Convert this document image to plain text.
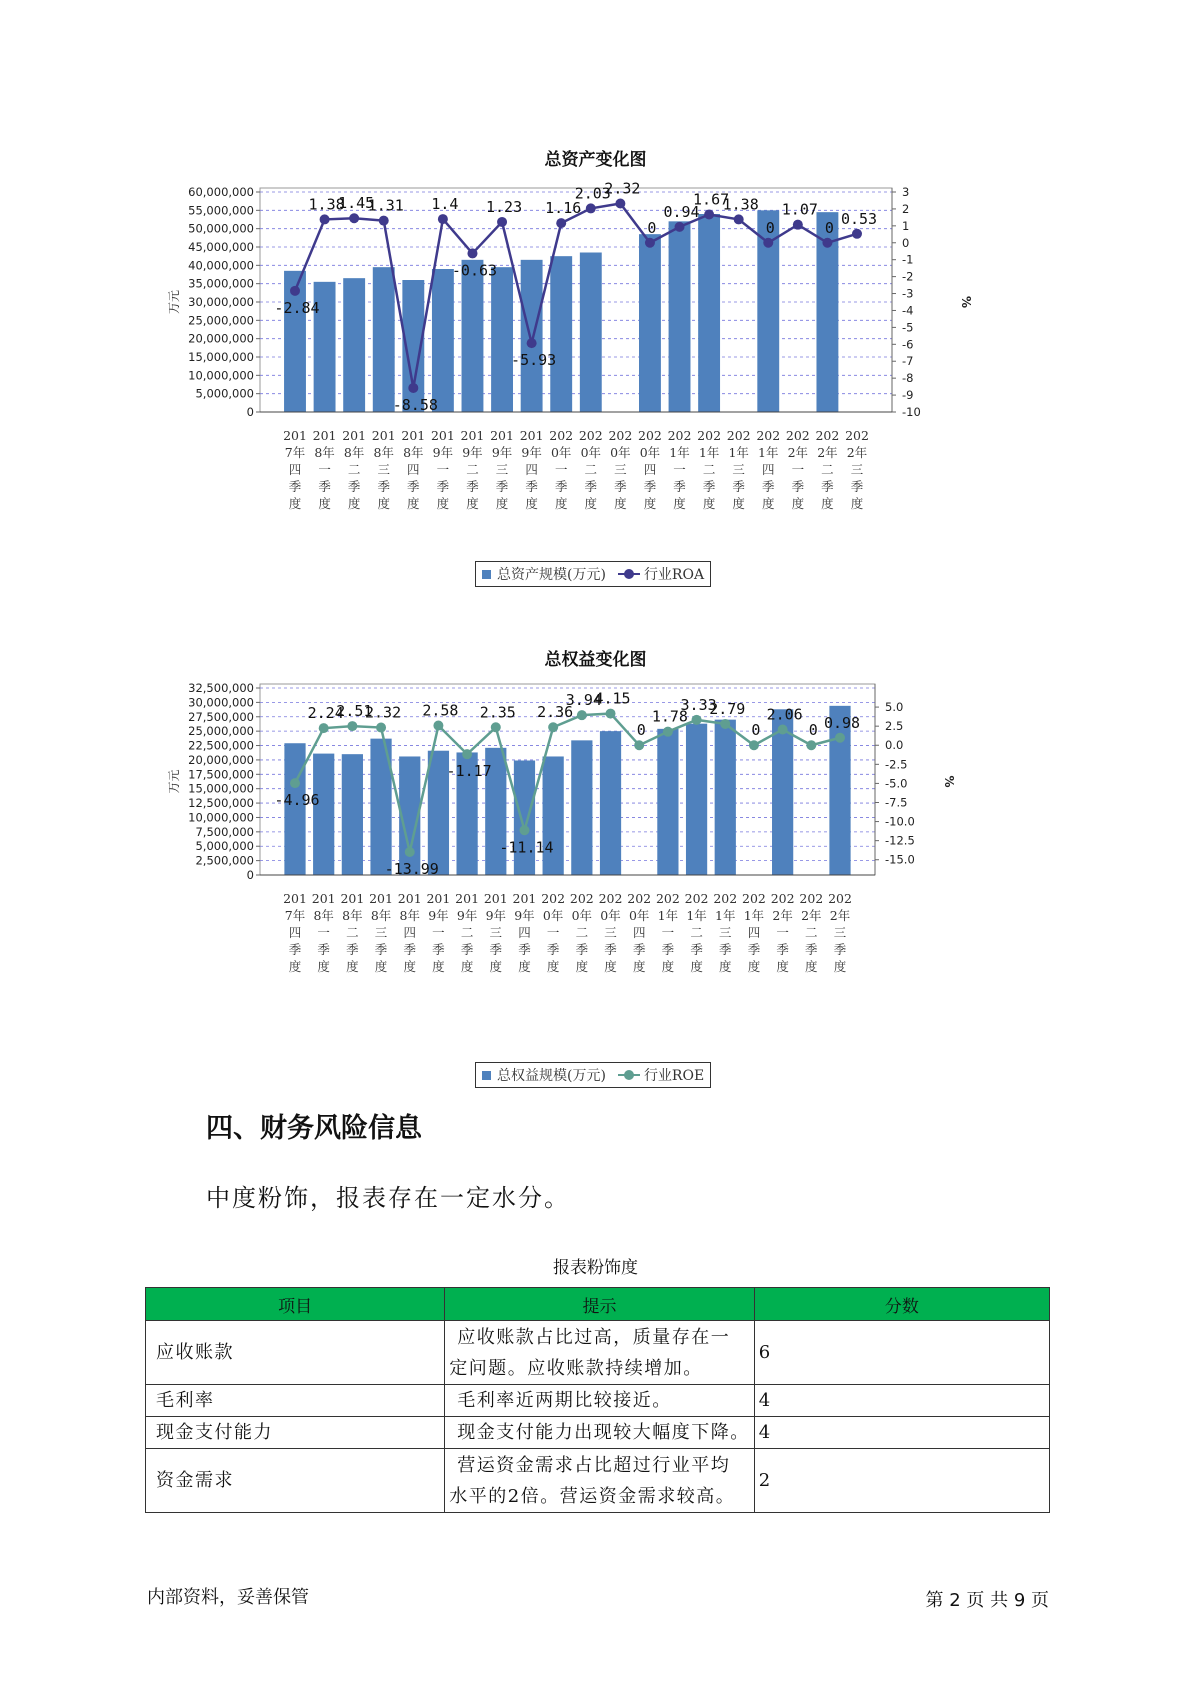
总资产变化图
60,000,000
55,000,000
50,000,000
45,000,000
40,000,000
35,000,000
30,000,000
25,000,000
20,000,000
15,000,000
10,000,000
5,000,000
0
3
2
1
0
-1
-2
-3
-4
-5
-6
-7
-8
-9
-10
万元	%
201
7年
四
季
度
201
8年
一
季
度
201
8年
二
季
度
201
8年
三
季
度
201
8年
四
季
度
201
9年
一
季
度
201
9年
二
季
度
201
9年
三
季
度
201
9年
四
季
度
202
0年
一
季
度
202
0年
二
季
度
202
0年
三
季
度
202
0年
四
季
度
202
1年
一
季
度
202
1年
二
季
度
202
1年
三
季
度
202
1年
四
季
度
202
2年
一
季
度
202
2年
二
季
度
202
2年
三
季
度
-2.84
1.38
1.45
1.31
-8.58
1.4
-0.63
1.23
-5.93
1.16
2.03
2.32
0
0.94
1.67
1.38
0
1.07
0 0.53
总资产规模(万元)	行业ROA
总权益变化图
32,500,000
30,000,000
27,500,000
25,000,000
22,500,000
20,000,000
17,500,000
15,000,000
12,500,000
10,000,000
7,500,000
5,000,000
2,500,000
0
5.0
2.5
0.0
-2.5
-5.0
-7.5
-10.0
-12.5
-15.0
万元	%
201
7年
四
季
度
201
8年
一
季
度
201
8年
二
季
度
201
8年
三
季
度
201
8年
四
季
度
201
9年
一
季
度
201
9年
二
季
度
201
9年
三
季
度
201
9年
四
季
度
202
0年
一
季
度
202
0年
二
季
度
202
0年
三
季
度
202
0年
四
季
度
202
1年
一
季
度
202
1年
二
季
度
202
1年
三
季
度
202
1年
四
季
度
202
2年
一
季
度
202
2年
二
季
度
202
2年
三
季
度
-4.96
2.24
2.51
2.32
-13.99
2.58
-1.17
2.35
-11.14
2.36
3.94
4.15
0
1.78
3.33
2.79
0
2.06
0 0.98
总权益规模(万元)	行业ROE
四、财务风险信息

中度粉饰，报表存在一定水分。

报表粉饰度
项目	提示	分数
应收账款	应收账款占比过高，质量存在一
定问题。应收账款持续增加。	6
毛利率	毛利率近两期比较接近。	4
现金支付能力	现金支付能力出现较大幅度下降。	4
资金需求	营运资金需求占比超过行业平均
水平的2倍。营运资金需求较高。	2
内部资料，妥善保管	第 2 页 共 9 页
